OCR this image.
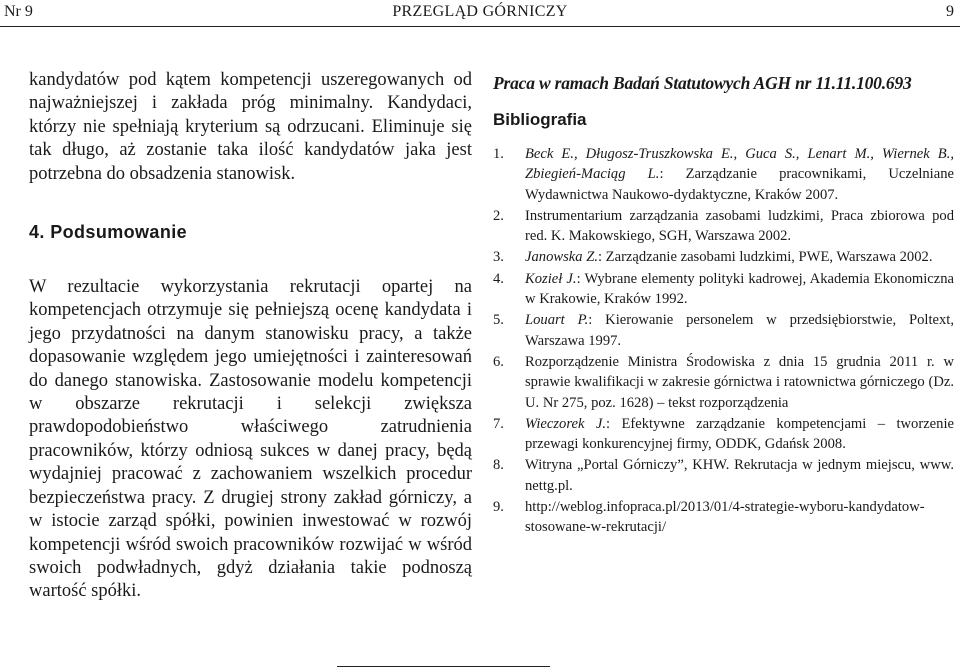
Nr 9	PRZEGLĄD GÓRNICZY	9

kandydatów pod kątem kompetencji uszeregowanych od najważniejszej i zakłada próg minimalny. Kandydaci, którzy nie spełniają kryterium są odrzucani. Eliminuje się tak długo, aż zostanie taka ilość kandydatów jaka jest potrzebna do obsadzenia stanowisk.

4. Podsumowanie

W rezultacie wykorzystania rekrutacji opartej na kompetencjach otrzymuje się pełniejszą ocenę kandydata i jego przydatności na danym stanowisku pracy, a także dopasowanie względem jego umiejętności i zainteresowań do danego stanowiska. Zastosowanie modelu kompetencji w obszarze rekrutacji i selekcji zwiększa prawdopodobieństwo właściwego zatrudnienia pracowników, którzy odniosą sukces w danej pracy, będą wydajniej pracować z zachowaniem wszelkich procedur bezpieczeństwa pracy. Z drugiej strony zakład górniczy, a w istocie zarząd spółki, powinien inwestować w rozwój kompetencji wśród swoich pracowników rozwijać w wśród swoich podwładnych, gdyż działania takie podnoszą wartość spółki.

Praca w ramach Badań Statutowych AGH nr 11.11.100.693

Bibliografia
1. Beck E., Długosz-Truszkowska E., Guca S., Lenart M., Wiernek B., Zbiegień-Maciąg L.: Zarządzanie pracownikami, Uczelniane Wydawnictwa Naukowo-dydaktyczne, Kraków 2007.
2. Instrumentarium zarządzania zasobami ludzkimi, Praca zbiorowa pod red. K. Makowskiego, SGH, Warszawa 2002.
3. Janowska Z.: Zarządzanie zasobami ludzkimi, PWE, Warszawa 2002.
4. Kozieł J.: Wybrane elementy polityki kadrowej, Akademia Ekonomiczna w Krakowie, Kraków 1992.
5. Louart P.: Kierowanie personelem w przedsiębiorstwie, Poltext, Warszawa 1997.
6. Rozporządzenie Ministra Środowiska z dnia 15 grudnia 2011 r. w sprawie kwalifikacji w zakresie górnictwa i ratownictwa górniczego (Dz. U. Nr 275, poz. 1628) – tekst rozporządzenia
7. Wieczorek J.: Efektywne zarządzanie kompetencjami – tworzenie przewagi konkurencyjnej firmy, ODDK, Gdańsk 2008.
8. Witryna „Portal Górniczy”, KHW. Rekrutacja w jednym miejscu, www. nettg.pl.
9. http://weblog.infopraca.pl/2013/01/4-strategie-wyboru-kandydatow-stosowane-w-rekrutacji/
